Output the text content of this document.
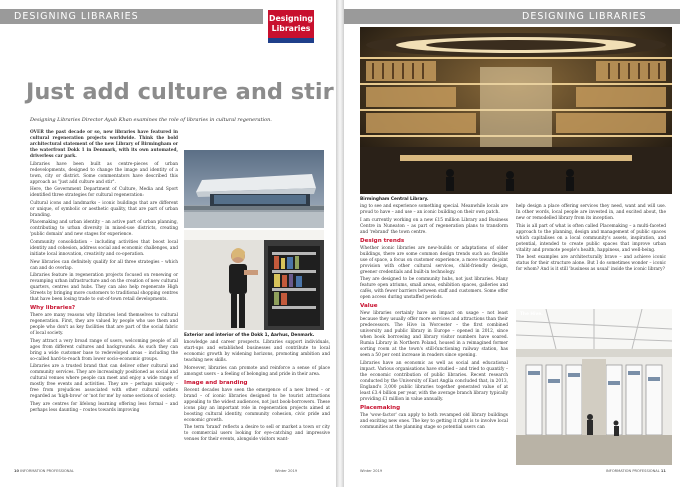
DESIGNING LIBRARIES	Designing
Libraries
Just add culture and stir
Designing Libraries Director Ayub Khan examines the role of libraries in cultural regeneration.

OVER the past decade or so, new libraries have featured in cultural regeneration projects worldwide. Think the bold architectural statement of the new Library of Birmingham or the waterfront Dokk 1 in Denmark, with its own automated, driverless car park.

Libraries have been built as centre-pieces of urban redevelopments, designed to change the image and identity of a town, city or district. Some commentators have described this approach as "just add culture and stir".

Here, the Government Department of Culture, Media and Sport identified three strategies for cultural regeneration:

Cultural icons and landmarks – iconic buildings that are different or unique, of symbolic or aesthetic quality, that are part of urban branding.

Placemaking and urban identity – an active part of urban planning, contributing to urban diversity in mixed-use districts, creating 'public domain' and new stages for experience.

Community consolidation – including activities that boost local identity and cohesion, address social and economic challenges, and initiate local innovation, creativity and co-operation.

New libraries can definitely qualify for all three strategies – which can and do overlap.

Libraries feature in regeneration projects focused on renewing or revamping urban infrastructure and on the creation of new cultural quarters, centres and hubs. They can also help regenerate High Streets by bringing more customers to traditional shopping centres that have been losing trade to out-of-town retail developments.

Why libraries?

There are many reasons why libraries lend themselves to cultural regeneration. First, they are valued by people who use them and people who don't as key facilities that are part of the social fabric of local society.

They attract a very broad range of users, welcoming people of all ages from different cultures and backgrounds. As such they can bring a wide customer base to redeveloped areas – including the so-called hard-to-reach from lower socio-economic groups.

Libraries are a trusted brand that can deliver other cultural and community services. They are increasingly positioned as social and cultural venues where people can meet and enjoy a wide range of mostly free events and activities. They are – perhaps uniquely – free from prejudices associated with other cultural outlets regarded as 'high-brow' or 'not for me' by some sections of society.

They are centres for lifelong learning offering less formal – and perhaps less daunting – routes towards improving

Exterior and interior of the Dokk 1, Aarhus, Denmark.

knowledge and career prospects. Libraries support individuals, start-ups and established businesses and contribute to local economic growth by widening horizons, promoting ambition and teaching new skills.

Moreover, libraries can promote and reinforce a sense of place amongst users – a feeling of belonging and pride in their area.

Image and branding

Recent decades have seen the emergence of a new breed – or brand – of iconic libraries designed to be tourist attractions appealing to the widest audiences, not just book-borrowers. These icons play an important role in regeneration projects aimed at boosting cultural identity, community cohesion, civic pride and economic growth.

The term 'brand' reflects a desire to sell or market a town or city to commercial users looking for eye-catching and impressive venues for their events, alongside visitors want-

10 INFORMATION PROFESSIONAL	Winter 2019
DESIGNING LIBRARIES
Birmingham Central Library.

ing to see and experience something special. Meanwhile locals are proud to have – and use – an iconic building on their own patch.

I am currently working on a new £15 million Library and Business Centre in Nuneaton – as part of regeneration plans to transform and 'rebrand' the town centre.

Design trends

Whether iconic libraries are new-builds or adaptations of older buildings, there are some common design trends such as: flexible use of space, a focus on customer experience, a move towards joint provision with other cultural services, child-friendly design, greener credentials and built-in technology.

They are designed to be community hubs, not just libraries. Many feature open atriums, small areas, exhibition spaces, galleries and cafés, with fewer barriers between staff and customers. Some offer open access during unstaffed periods.

Value

New libraries certainly have an impact on usage – not least because they usually offer more services and attractions than their predecessors. The Hive in Worcester – the first combined university and public library in Europe – opened in 2012, since when book borrowing and library visitor numbers have soared. Rumia Library in Northern Poland, housed in a reimagined former sorting room at the town's still-functioning railway station, has seen a 50 per cent increase in readers since opening.

Libraries have an economic as well as social and educational impact. Various organisations have studied – and tried to quantify – the economic contribution of public libraries. Recent research conducted by the University of East Anglia concluded that, in 2013, England's 3,000 public libraries together generated value of at least £3.4 billion per year, with the average branch library typically providing £1 million in value annually.

Placemaking

The 'wow-factor' can apply to both revamped old library buildings and exciting new ones. The key to getting it right is to involve local communities at the planning stage so potential users can

help design a place offering services they need, want and will use. In other words, local people are invested in, and excited about, the new or remodelled library from its inception.

This is all part of what is often called Placemaking – a multi-faceted approach to the planning, design and management of public spaces which capitalises on a local community's assets, inspiration, and potential, intended to create public spaces that improve urban vitality and promote people's health, happiness, and well-being.

The best examples are architecturally brave – and achieve iconic status for their structure alone. But I do sometimes wonder – iconic for whom? And is it still 'business as usual' inside the iconic library?

The Hive.
Winter 2019	INFORMATION PROFESSIONAL 11
